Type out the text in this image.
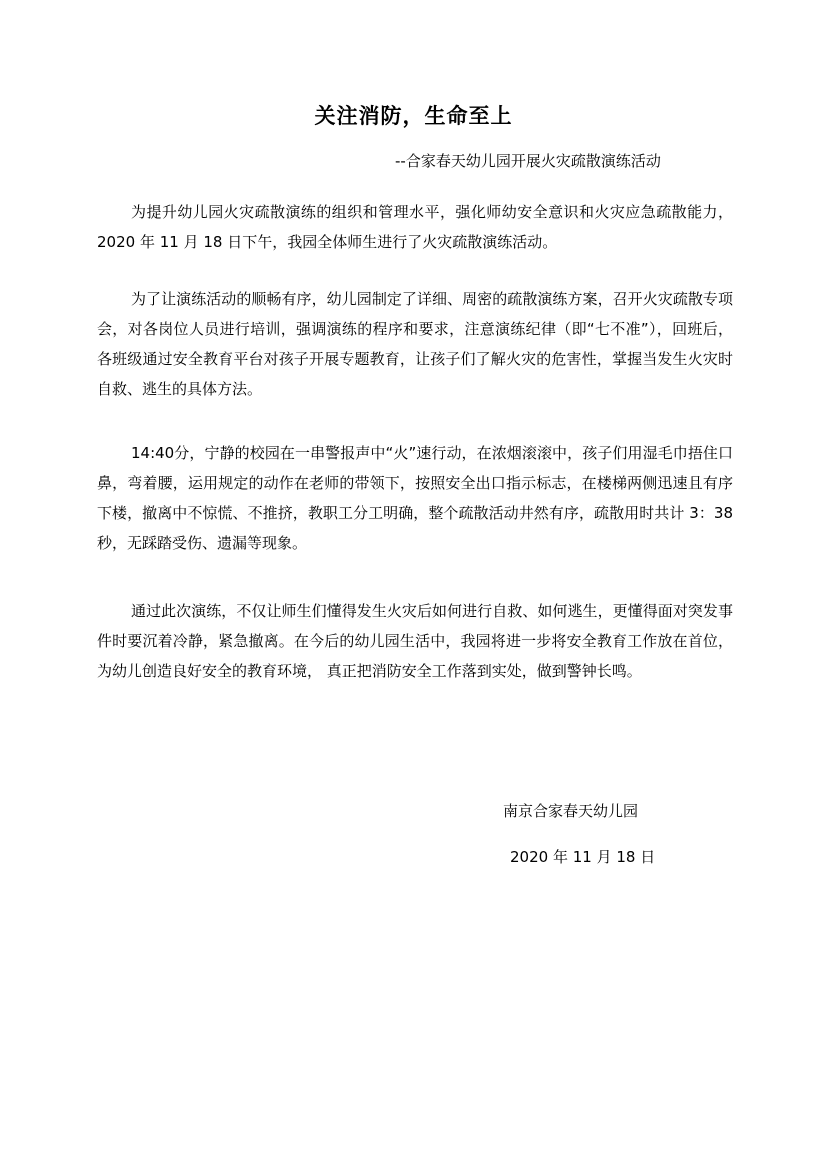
关注消防，生命至上
--合家春天幼儿园开展火灾疏散演练活动

为提升幼儿园火灾疏散演练的组织和管理水平，强化师幼安全意识和火灾应急疏散能力，2020 年 11 月 18 日下午，我园全体师生进行了火灾疏散演练活动。

为了让演练活动的顺畅有序，幼儿园制定了详细、周密的疏散演练方案，召开火灾疏散专项会，对各岗位人员进行培训，强调演练的程序和要求，注意演练纪律（即“七不准”），回班后，各班级通过安全教育平台对孩子开展专题教育，让孩子们了解火灾的危害性，掌握当发生火灾时自救、逃生的具体方法。

14:40分，宁静的校园在一串警报声中“火”速行动，在浓烟滚滚中，孩子们用湿毛巾捂住口鼻，弯着腰，运用规定的动作在老师的带领下，按照安全出口指示标志，在楼梯两侧迅速且有序下楼，撤离中不惊慌、不推挤，教职工分工明确，整个疏散活动井然有序，疏散用时共计 3：38 秒，无踩踏受伤、遗漏等现象。

通过此次演练，不仅让师生们懂得发生火灾后如何进行自救、如何逃生，更懂得面对突发事件时要沉着冷静，紧急撤离。在今后的幼儿园生活中，我园将进一步将安全教育工作放在首位，为幼儿创造良好安全的教育环境， 真正把消防安全工作落到实处，做到警钟长鸣。

南京合家春天幼儿园
2020 年 11 月 18 日
